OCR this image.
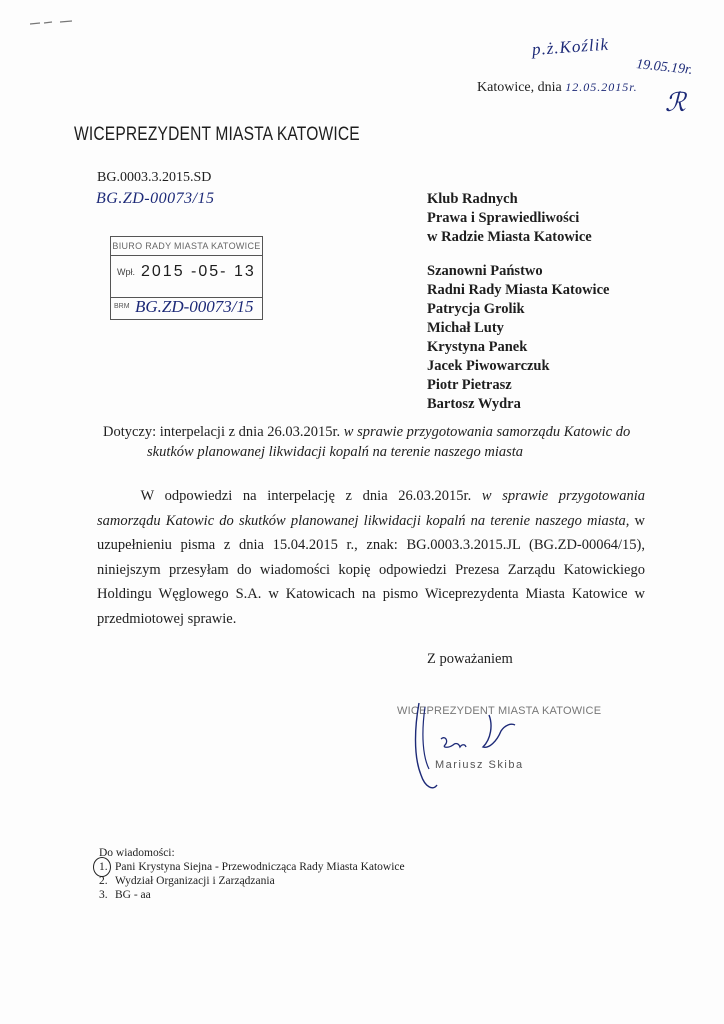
p.ż.Koźlik
19.05.19r.
ℛ
Katowice, dnia 12.05.2015r.
WICEPREZYDENT MIASTA KATOWICE
BG.0003.3.2015.SD
BG.ZD-00073/15
BIURO RADY MIASTA KATOWICE
Wpł. 2015 -05- 13
BRM BG.ZD-00073/15
Klub Radnych
Prawa i Sprawiedliwości
w Radzie Miasta Katowice
Szanowni Państwo
Radni Rady Miasta Katowice
Patrycja Grolik
Michał Luty
Krystyna Panek
Jacek Piwowarczuk
Piotr Pietrasz
Bartosz Wydra
Dotyczy: interpelacji z dnia 26.03.2015r. w sprawie przygotowania samorządu Katowic do
skutków planowanej likwidacji kopalń na terenie naszego miasta

   W odpowiedzi na interpelację z dnia 26.03.2015r. w sprawie przygotowania samorządu Katowic do skutków planowanej likwidacji kopalń na terenie naszego miasta, w uzupełnieniu pisma z dnia 15.04.2015 r., znak: BG.0003.3.2015.JL (BG.ZD-00064/15), niniejszym przesyłam do wiadomości kopię odpowiedzi Prezesa Zarządu Katowickiego Holdingu Węglowego S.A. w Katowicach na pismo Wiceprezydenta Miasta Katowice w przedmiotowej sprawie.

Z poważaniem
WICEPREZYDENT MIASTA KATOWICE
Mariusz Skiba
Do wiadomości:
1. Pani Krystyna Siejna - Przewodnicząca Rady Miasta Katowice
2. Wydział Organizacji i Zarządzania
3. BG - aa
